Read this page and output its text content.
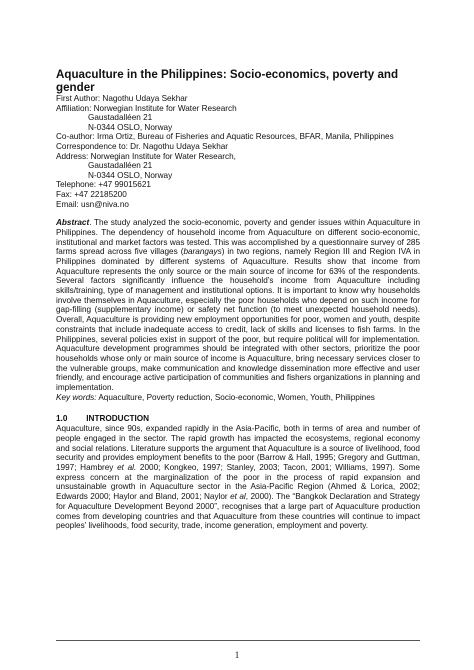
Aquaculture in the Philippines: Socio-economics, poverty and gender
First Author: Nagothu Udaya Sekhar
Affiliation: Norwegian Institute for Water Research
Gaustadalléen 21
N-0344 OSLO, Norway
Co-author: Irma Ortiz, Bureau of Fisheries and Aquatic Resources, BFAR, Manila, Philippines
Correspondence to: Dr. Nagothu Udaya Sekhar
Address: Norwegian Institute for Water Research,
Gaustadalléen 21
N-0344 OSLO, Norway
Telephone: +47 99015621
Fax: +47 22185200
Email: usn@niva.no
Abstract. The study analyzed the socio-economic, poverty and gender issues within Aquaculture in Philippines. The dependency of household income from Aquaculture on different socio-economic, institutional and market factors was tested. This was accomplished by a questionnaire survey of 285 farms spread across five villages (barangays) in two regions, namely Region III and Region IVA in Philippines dominated by different systems of Aquaculture. Results show that income from Aquaculture represents the only source or the main source of income for 63% of the respondents. Several factors significantly influence the household’s income from Aquaculture including skills/training, type of management and institutional options. It is important to know why households involve themselves in Aquaculture, especially the poor households who depend on such income for gap-filling (supplementary income) or safety net function (to meet unexpected household needs). Overall, Aquaculture is providing new employment opportunities for poor, women and youth, despite constraints that include inadequate access to credit, lack of skills and licenses to fish farms. In the Philippines, several policies exist in support of the poor, but require political will for implementation. Aquaculture development programmes should be integrated with other sectors, prioritize the poor households whose only or main source of income is Aquaculture, bring necessary services closer to the vulnerable groups, make communication and knowledge dissemination more effective and user friendly, and encourage active participation of communities and fishers organizations in planning and implementation.
Key words: Aquaculture, Poverty reduction, Socio-economic, Women, Youth, Philippines
1.0 INTRODUCTION
Aquaculture, since 90s, expanded rapidly in the Asia-Pacific, both in terms of area and number of people engaged in the sector. The rapid growth has impacted the ecosystems, regional economy and social relations. Literature supports the argument that Aquaculture is a source of livelihood, food security and provides employment benefits to the poor (Barrow & Hall, 1995; Gregory and Guttman, 1997; Hambrey et al. 2000; Kongkeo, 1997; Stanley, 2003; Tacon, 2001; Williams, 1997). Some express concern at the marginalization of the poor in the process of rapid expansion and unsustainable growth in Aquaculture sector in the Asia-Pacific Region (Ahmed & Lorica, 2002; Edwards 2000; Haylor and Bland, 2001; Naylor et al, 2000). The “Bangkok Declaration and Strategy for Aquaculture Development Beyond 2000”, recognises that a large part of Aquaculture production comes from developing countries and that Aquaculture from these countries will continue to impact peoples’ livelihoods, food security, trade, income generation, employment and poverty.
1
